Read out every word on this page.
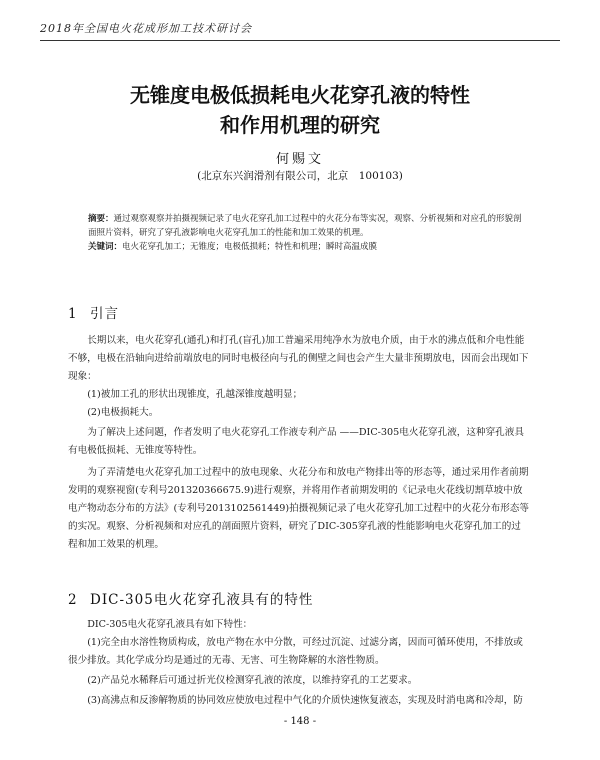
2018年全国电火花成形加工技术研讨会
无锥度电极低损耗电火花穿孔液的特性
和作用机理的研究
何赐文
(北京东兴润滑剂有限公司，北京　100103)
摘要：通过观察观察并拍摄视频记录了电火花穿孔加工过程中的火花分布等实况，观察、分析视频和对应孔的形貌剖面照片资料，研究了穿孔液影响电火花穿孔加工的性能和加工效果的机理。
关键词：电火花穿孔加工；无锥度；电极低损耗；特性和机理；瞬时高温成膜
1 引言
长期以来，电火花穿孔(通孔)和打孔(盲孔)加工普遍采用纯净水为放电介质，由于水的沸点低和介电性能不够，电极在沿轴向进给前端放电的同时电极径向与孔的侧壁之间也会产生大量非预期放电，因而会出现如下现象：
(1)被加工孔的形状出现锥度，孔越深锥度越明显；
(2)电极损耗大。
为了解决上述问题，作者发明了电火花穿孔工作液专利产品 ——DIC-305电火花穿孔液，这种穿孔液具有电极低损耗、无锥度等特性。
为了弄清楚电火花穿孔加工过程中的放电现象、火花分布和放电产物排出等的形态等，通过采用作者前期发明的观察视窗(专利号201320366675.9)进行观察，并将用作者前期发明的《记录电火花线切割草坡中放电产物动态分布的方法》(专利号2013102561449)拍摄视频记录了电火花穿孔加工过程中的火花分布形态等的实况。观察、分析视频和对应孔的剖面照片资料，研究了DIC-305穿孔液的性能影响电火花穿孔加工的过程和加工效果的机理。
2 DIC-305电火花穿孔液具有的特性
DIC-305电火花穿孔液具有如下特性：
(1)完全由水溶性物质构成，放电产物在水中分散，可经过沉淀、过滤分离，因而可循环使用，不排放或很少排放。其化学成分均是通过的无毒、无害、可生物降解的水溶性物质。
(2)产品兑水稀释后可通过折光仪检测穿孔液的浓度，以维持穿孔的工艺要求。
(3)高沸点和反渗解物质的协同效应使放电过程中气化的介质快速恢复液态，实现及时消电离和冷却，防
- 148 -
